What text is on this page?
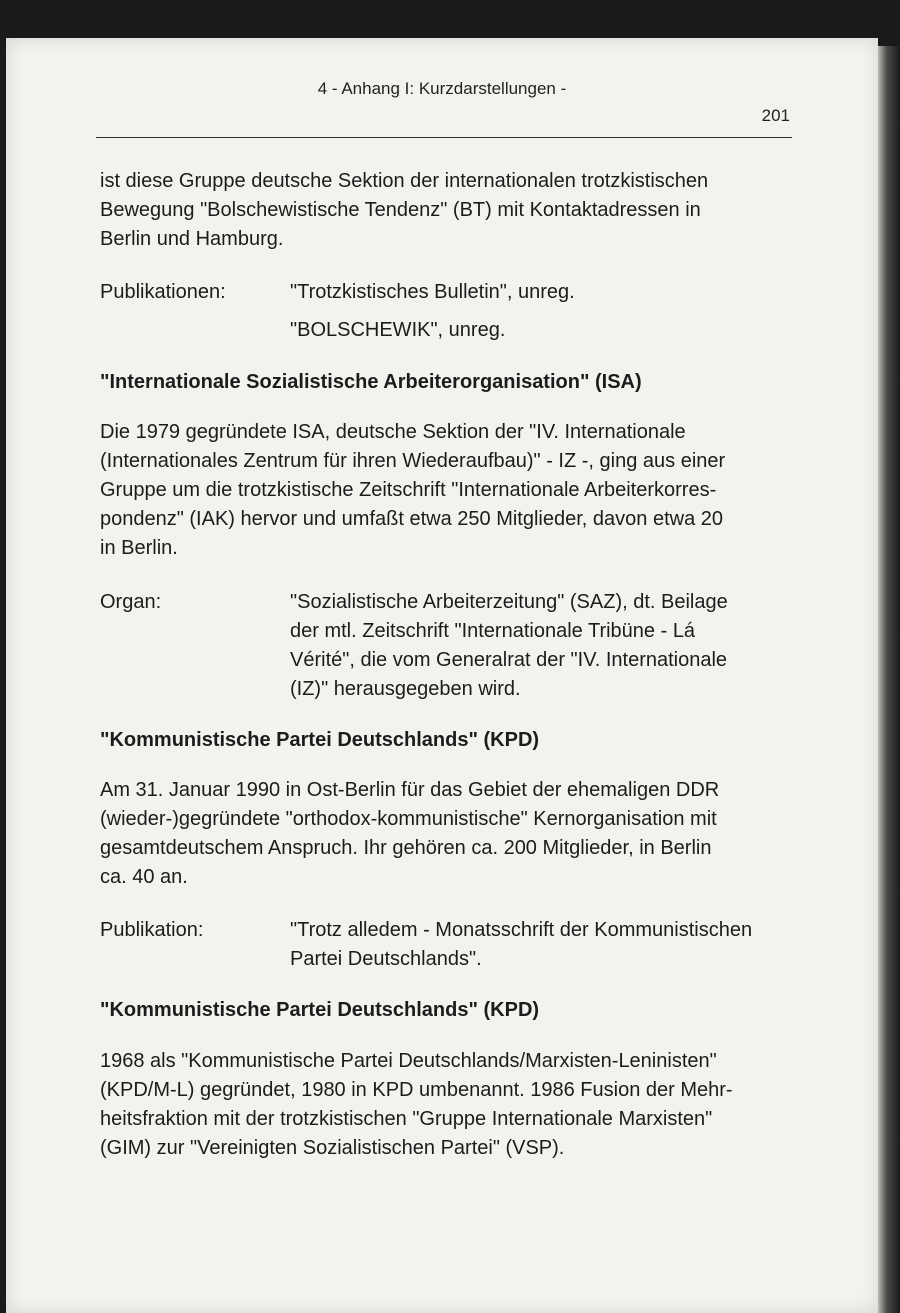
4 - Anhang I: Kurzdarstellungen -
201

ist diese Gruppe deutsche Sektion der internationalen trotzkistischen
Bewegung "Bolschewistische Tendenz" (BT) mit Kontaktadressen in
Berlin und Hamburg.

Publikationen:	"Trotzkistisches Bulletin", unreg.
"BOLSCHEWIK", unreg.
"Internationale Sozialistische Arbeiterorganisation" (ISA)

Die 1979 gegründete ISA, deutsche Sektion der "IV. Internationale
(Internationales Zentrum für ihren Wiederaufbau)" - IZ -, ging aus einer
Gruppe um die trotzkistische Zeitschrift "Internationale Arbeiterkorres-
pondenz" (IAK) hervor und umfaßt etwa 250 Mitglieder, davon etwa 20
in Berlin.

Organ:	"Sozialistische Arbeiterzeitung" (SAZ), dt. Beilage
der mtl. Zeitschrift "Internationale Tribüne - Lá
Vérité", die vom Generalrat der "IV. Internationale
(IZ)" herausgegeben wird.
"Kommunistische Partei Deutschlands" (KPD)

Am 31. Januar 1990 in Ost-Berlin für das Gebiet der ehemaligen DDR
(wieder-)gegründete "orthodox-kommunistische" Kernorganisation mit
gesamtdeutschem Anspruch. Ihr gehören ca. 200 Mitglieder, in Berlin
ca. 40 an.

Publikation:	"Trotz alledem - Monatsschrift der Kommunistischen
Partei Deutschlands".
"Kommunistische Partei Deutschlands" (KPD)

1968 als "Kommunistische Partei Deutschlands/Marxisten-Leninisten"
(KPD/M-L) gegründet, 1980 in KPD umbenannt. 1986 Fusion der Mehr-
heitsfraktion mit der trotzkistischen "Gruppe Internationale Marxisten"
(GIM) zur "Vereinigten Sozialistischen Partei" (VSP).
